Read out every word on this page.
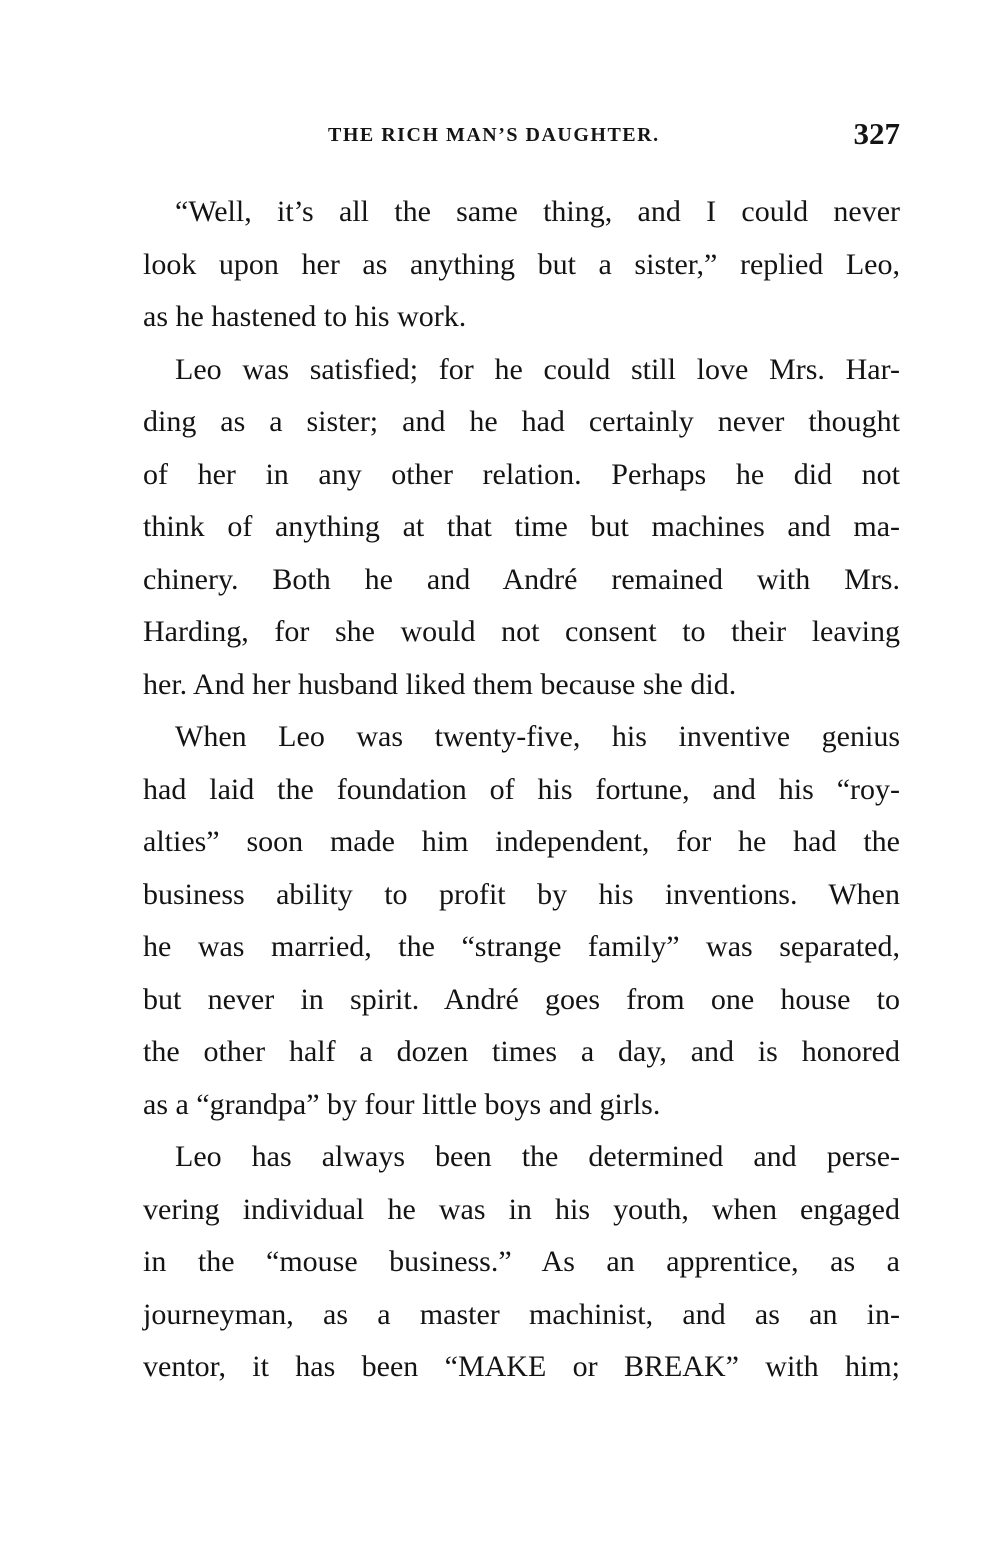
THE RICH MAN’S DAUGHTER.	327
“Well, it’s all the same thing, and I could never
look upon her as anything but a sister,” replied Leo,
as he hastened to his work.
Leo was satisfied; for he could still love Mrs. Har-
ding as a sister; and he had certainly never thought
of her in any other relation. Perhaps he did not
think of anything at that time but machines and ma-
chinery. Both he and André remained with Mrs.
Harding, for she would not consent to their leaving
her. And her husband liked them because she did.
When Leo was twenty-five, his inventive genius
had laid the foundation of his fortune, and his “roy-
alties” soon made him independent, for he had the
business ability to profit by his inventions. When
he was married, the “strange family” was separated,
but never in spirit. André goes from one house to
the other half a dozen times a day, and is honored
as a “grandpa” by four little boys and girls.
Leo has always been the determined and perse-
vering individual he was in his youth, when engaged
in the “mouse business.” As an apprentice, as a
journeyman, as a master machinist, and as an in-
ventor, it has been “MAKE or BREAK” with him;
